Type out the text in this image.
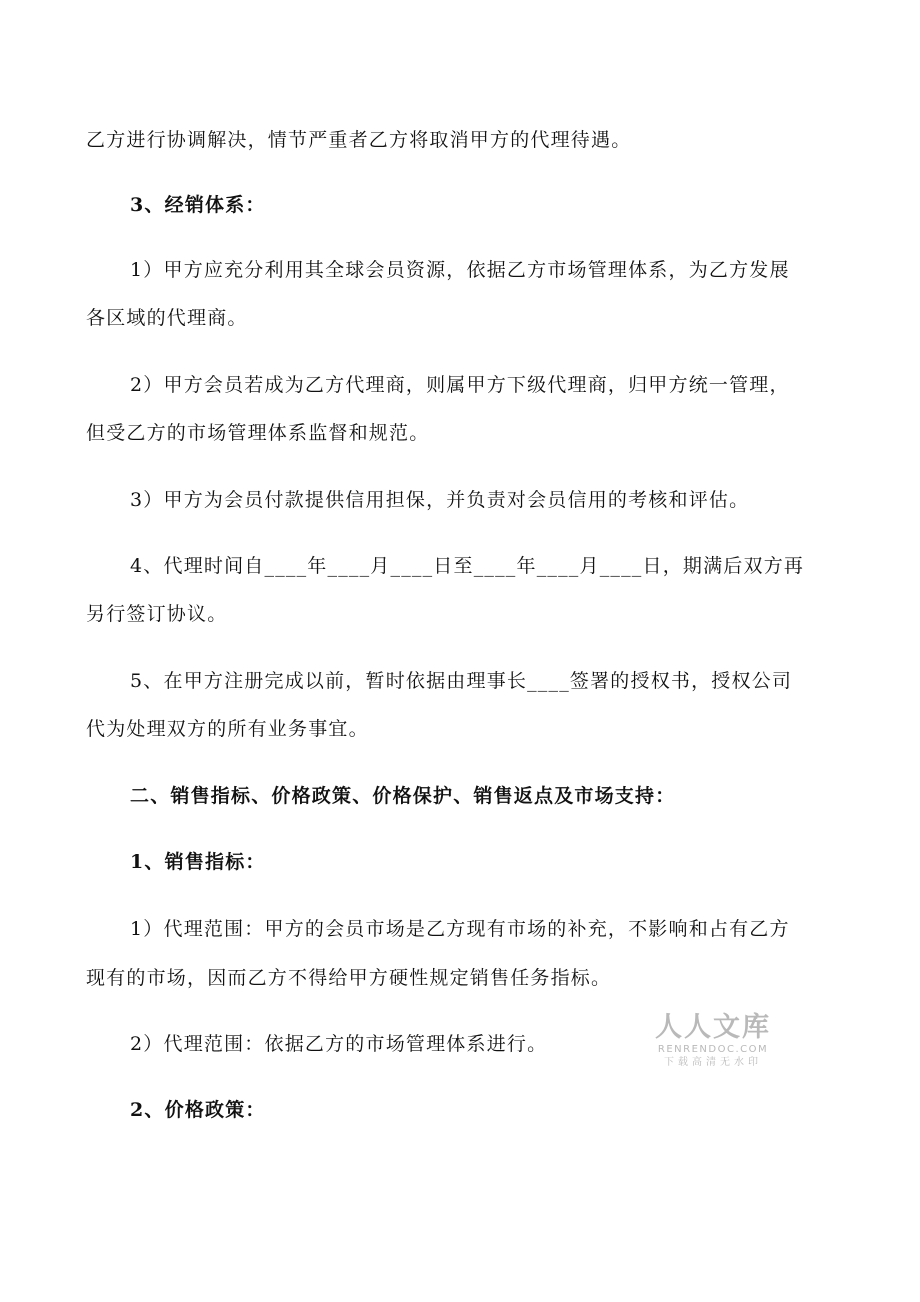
乙方进行协调解决，情节严重者乙方将取消甲方的代理待遇。
3、经销体系：
1）甲方应充分利用其全球会员资源，依据乙方市场管理体系，为乙方发展
各区域的代理商。
2）甲方会员若成为乙方代理商，则属甲方下级代理商，归甲方统一管理，
但受乙方的市场管理体系监督和规范。
3）甲方为会员付款提供信用担保，并负责对会员信用的考核和评估。
4、代理时间自____年____月____日至____年____月____日，期满后双方再
另行签订协议。
5、在甲方注册完成以前，暂时依据由理事长____签署的授权书，授权公司
代为处理双方的所有业务事宜。
二、销售指标、价格政策、价格保护、销售返点及市场支持：
1、销售指标：
1）代理范围：甲方的会员市场是乙方现有市场的补充，不影响和占有乙方
现有的市场，因而乙方不得给甲方硬性规定销售任务指标。
2）代理范围：依据乙方的市场管理体系进行。
2、价格政策：
人人文库
RENRENDOC.COM
下载高清无水印
